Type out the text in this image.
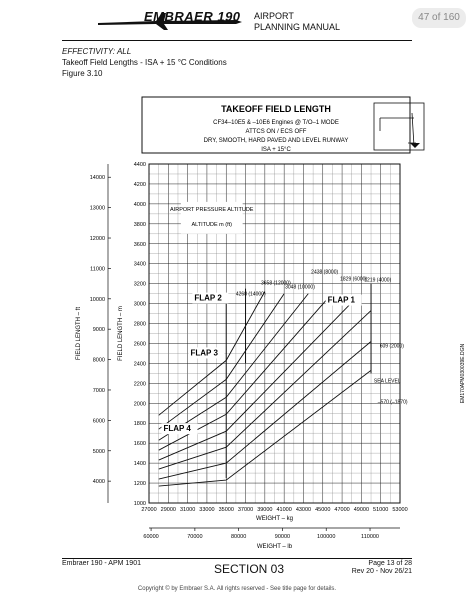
EMBRAER 190 AIRPORT
PLANNING MANUAL
47 of 160
EFFECTIVITY: ALL
Takeoff Field Lengths - ISA + 15 °C Conditions
Figure 3.10
TAKEOFF FIELD LENGTH
CF34–10E5 & –10E6 Engines @ T/O–1 MODE
ATTCS ON / ECS OFF
DRY, SMOOTH, HARD PAVED AND LEVEL RUNWAY
ISA + 15°C
27000 29000 31000 33000 35000 37000 39000 41000 43000 45000 47000 49000 51000 53000
WEIGHT – kg
60000	70000	80000	90000	100000	110000
WEIGHT – lb
1000
1200
1400
1600
1800
2000
2200
2400
2600
2800
3000
3200
3400
3600
3800
4000
4200
4400
FIELD LENGTH – m
4000
5000
6000
7000
8000
9000
10000
11000
12000
13000
14000
FIELD LENGTH – ft
AIRPORT PRESSURE ALTITUDE
ALTITUDE m (ft)
FLAP 1
FLAP 2
FLAP 3
FLAP 4
SEA LEVEL
–570 (–1870)
609 (2000)
1219 (4000)
1829 (6000)
2438 (8000)
3048 (10000)
3658 (12000)
4268 (14000)
EM170APM030039E.DGN
Embraer 190 - APM 1901	SECTION 03	Page 13 of 28
Rev 20 - Nov 26/21
Copyright © by Embraer S.A. All rights reserved - See title page for details.
